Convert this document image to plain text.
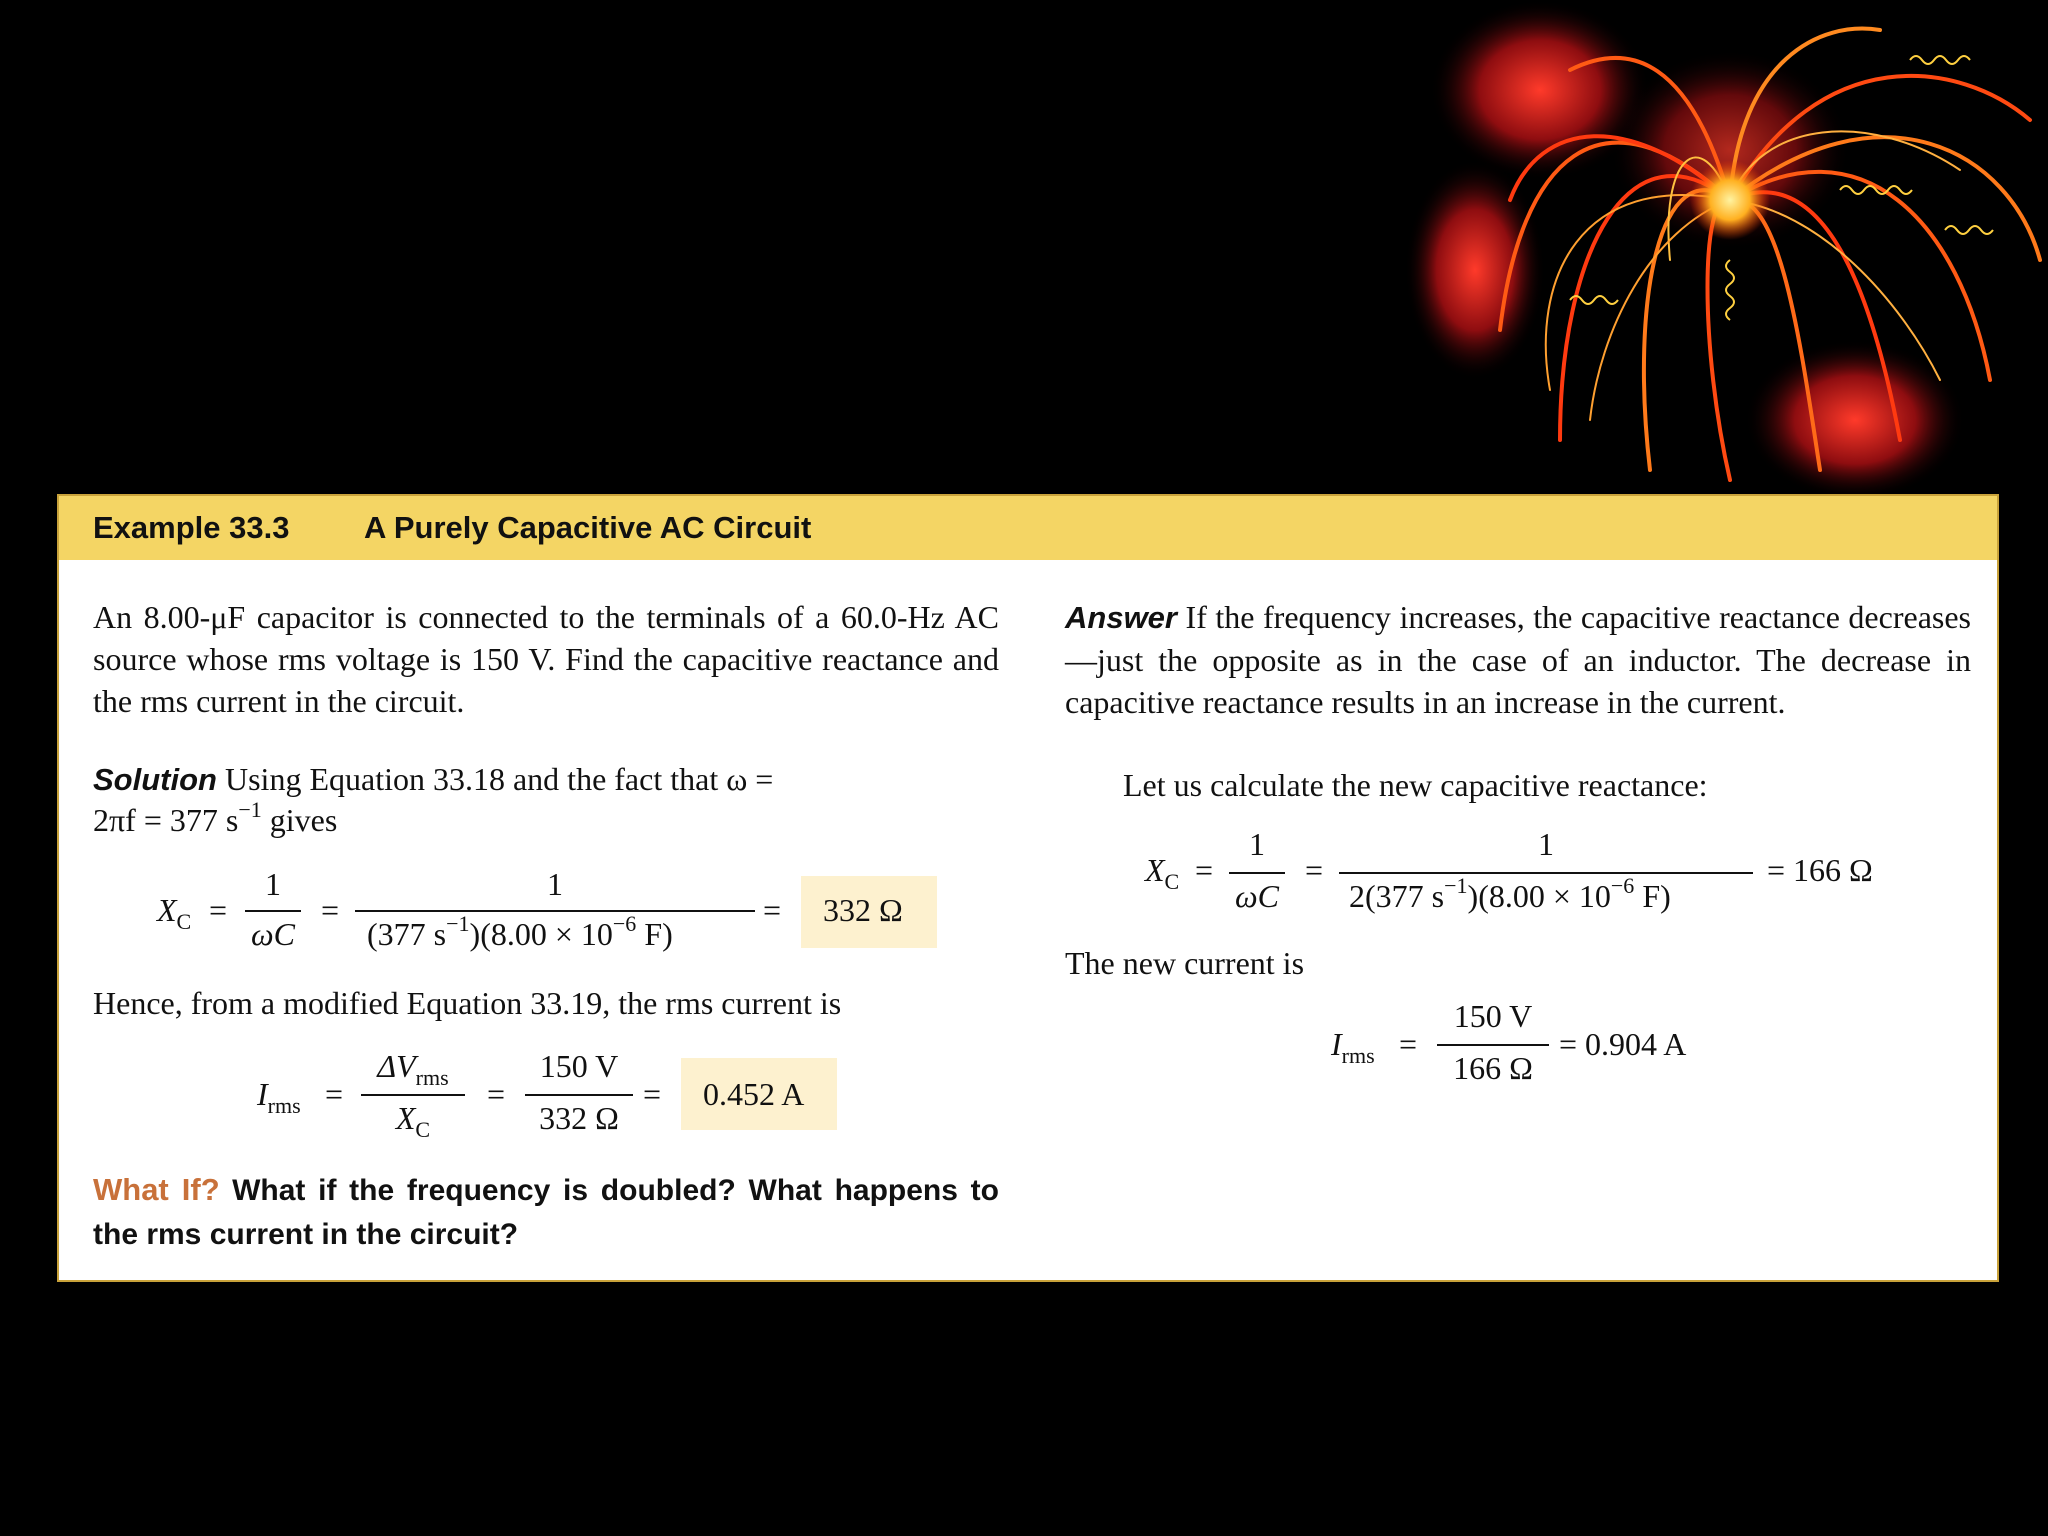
Example 33.3 A Purely Capacitive AC Circuit
An 8.00-μF capacitor is connected to the terminals of a 60.0-Hz AC source whose rms voltage is 150 V. Find the capacitive reactance and the rms current in the circuit.
Solution Using Equation 33.18 and the fact that ω =
2πf = 377 $s^{-1}$ gives
$X_C$ =
1
ωC
=
1
(377 $s^{-1})(8.00 \times 10^{-6}$ F)
= 332 Ω
Hence, from a modified Equation 33.19, the rms current is
$I_{rms}$ =
$\Delta V_{rms}$
$X_C$
=
150 V
332 Ω
= 0.452 A
What If? What if the frequency is doubled? What happens to the rms current in the circuit?
Answer If the frequency increases, the capacitive reactance decreases—just the opposite as in the case of an inductor. The decrease in capacitive reactance results in an increase in the current.
Let us calculate the new capacitive reactance:
$X_C$ =
1
ωC
=
1
2(377 $s^{-1})(8.00 \times 10^{-6}$ F)
= 166 Ω
The new current is
$I_{rms}$ =
150 V
166 Ω
= 0.904 A
